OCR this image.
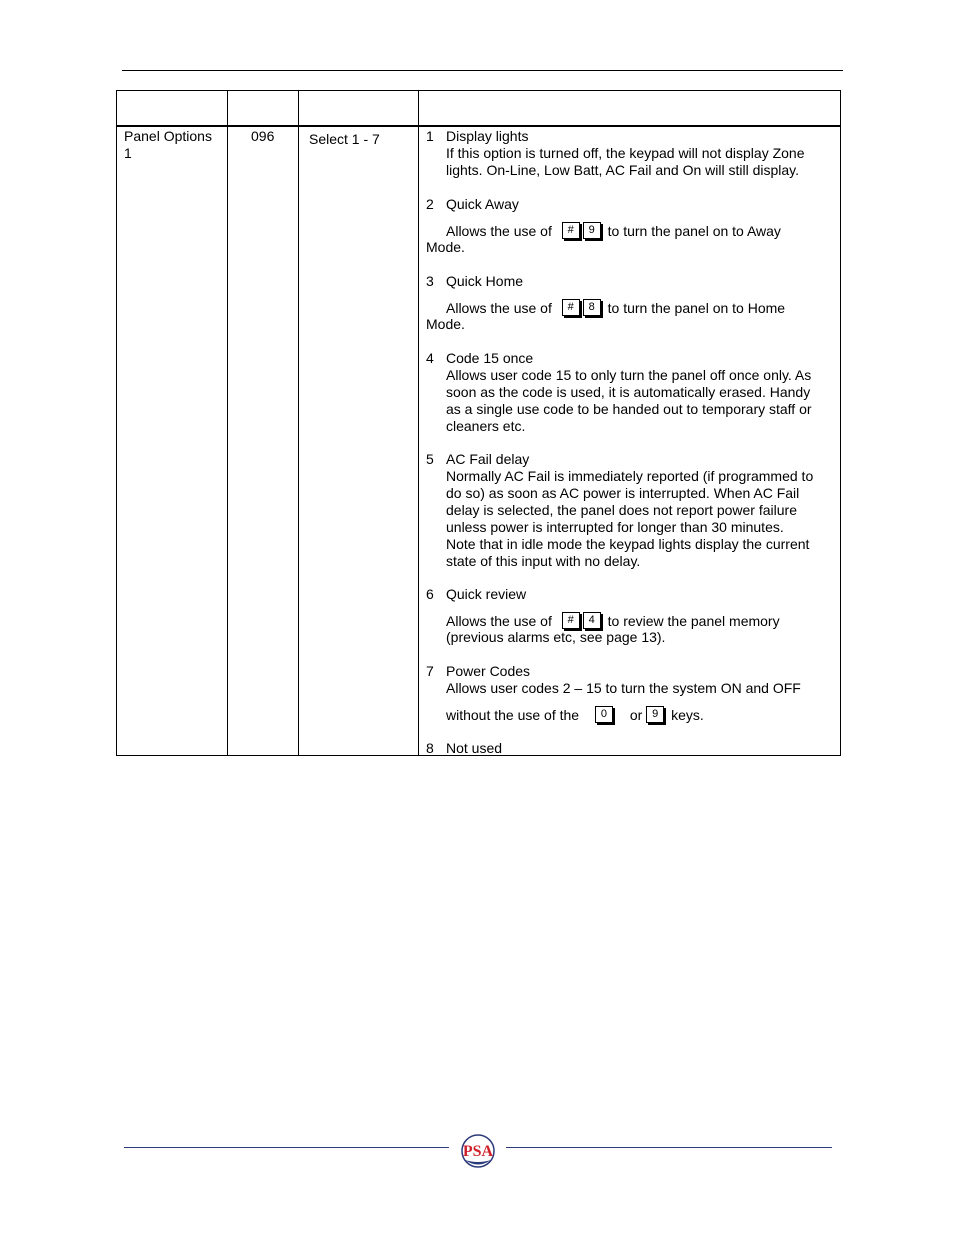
Panel Options 1
096 Select 1 - 7	1 Display lights
If this option is turned off, the keypad will not display Zone
lights. On-Line, Low Batt, AC Fail and On will still display.
2 Quick Away
Allows the use of # 9 to turn the panel on to Away
Mode.
3 Quick Home
Allows the use of # 8 to turn the panel on to Home
Mode.
4 Code 15 once
Allows user code 15 to only turn the panel off once only. As
soon as the code is used, it is automatically erased. Handy
as a single use code to be handed out to temporary staff or
cleaners etc.
5 AC Fail delay
Normally AC Fail is immediately reported (if programmed to
do so) as soon as AC power is interrupted. When AC Fail
delay is selected, the panel does not report power failure
unless power is interrupted for longer than 30 minutes.
Note that in idle mode the keypad lights display the current
state of this input with no delay.
6 Quick review
Allows the use of # 4 to review the panel memory
(previous alarms etc, see page 13).
7 Power Codes
Allows user codes 2 – 15 to turn the system ON and OFF
without the use of the 0 or 9 keys.
8 Not used
PSA
